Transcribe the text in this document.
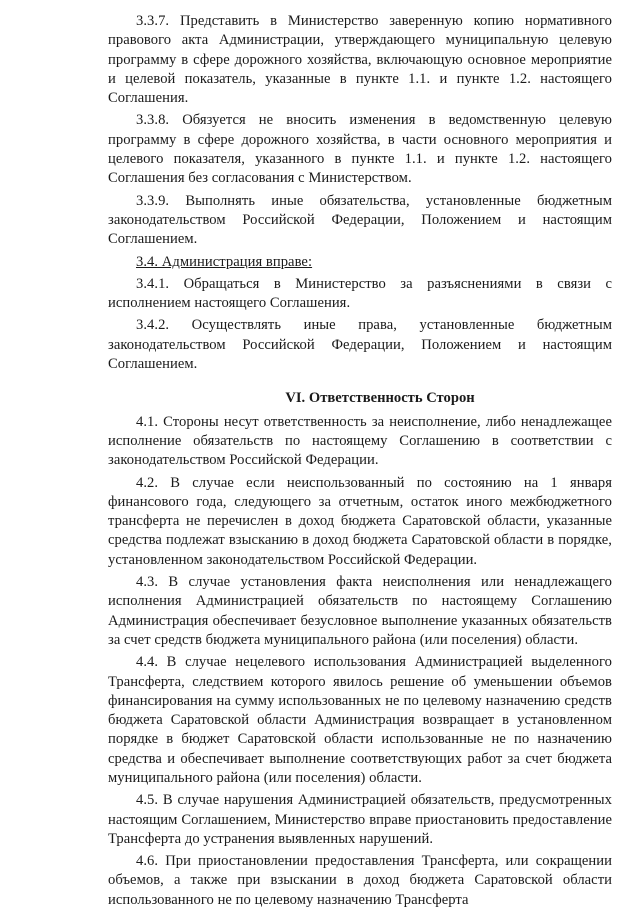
3.3.7. Представить в Министерство заверенную копию нормативного правового акта Администрации, утверждающего муниципальную целевую программу в сфере дорожного хозяйства, включающую основное мероприятие и целевой показатель, указанные в пункте 1.1. и пункте 1.2. настоящего Соглашения.

3.3.8. Обязуется не вносить изменения в ведомственную целевую программу в сфере дорожного хозяйства, в части основного мероприятия и целевого показателя, указанного в пункте 1.1. и пункте 1.2. настоящего Соглашения без согласования с Министерством.

3.3.9. Выполнять иные обязательства, установленные бюджетным законодательством Российской Федерации, Положением и настоящим Соглашением.

3.4. Администрация вправе:

3.4.1. Обращаться в Министерство за разъяснениями в связи с исполнением настоящего Соглашения.

3.4.2. Осуществлять иные права, установленные бюджетным законодательством Российской Федерации, Положением и настоящим Соглашением.

VI. Ответственность Сторон

4.1. Стороны несут ответственность за неисполнение, либо ненадлежащее исполнение обязательств по настоящему Соглашению в соответствии с законодательством Российской Федерации.

4.2. В случае если неиспользованный по состоянию на 1 января финансового года, следующего за отчетным, остаток иного межбюджетного трансферта не перечислен в доход бюджета Саратовской области, указанные средства подлежат взысканию в доход бюджета Саратовской области в порядке, установленном законодательством Российской Федерации.

4.3. В случае установления факта неисполнения или ненадлежащего исполнения Администрацией обязательств по настоящему Соглашению Администрация обеспечивает безусловное выполнение указанных обязательств за счет средств бюджета муниципального района (или поселения) области.

4.4. В случае нецелевого использования Администрацией выделенного Трансферта, следствием которого явилось решение об уменьшении объемов финансирования на сумму использованных не по целевому назначению средств бюджета Саратовской области Администрация возвращает в установленном порядке в бюджет Саратовской области использованные не по назначению средства и обеспечивает выполнение соответствующих работ за счет бюджета муниципального района (или поселения) области.

4.5. В случае нарушения Администрацией обязательств, предусмотренных настоящим Соглашением, Министерство вправе приостановить предоставление Трансферта до устранения выявленных нарушений.

4.6. При приостановлении предоставления Трансферта, или сокращении объемов, а также при взыскании в доход бюджета Саратовской области использованного не по целевому назначению Трансферта
